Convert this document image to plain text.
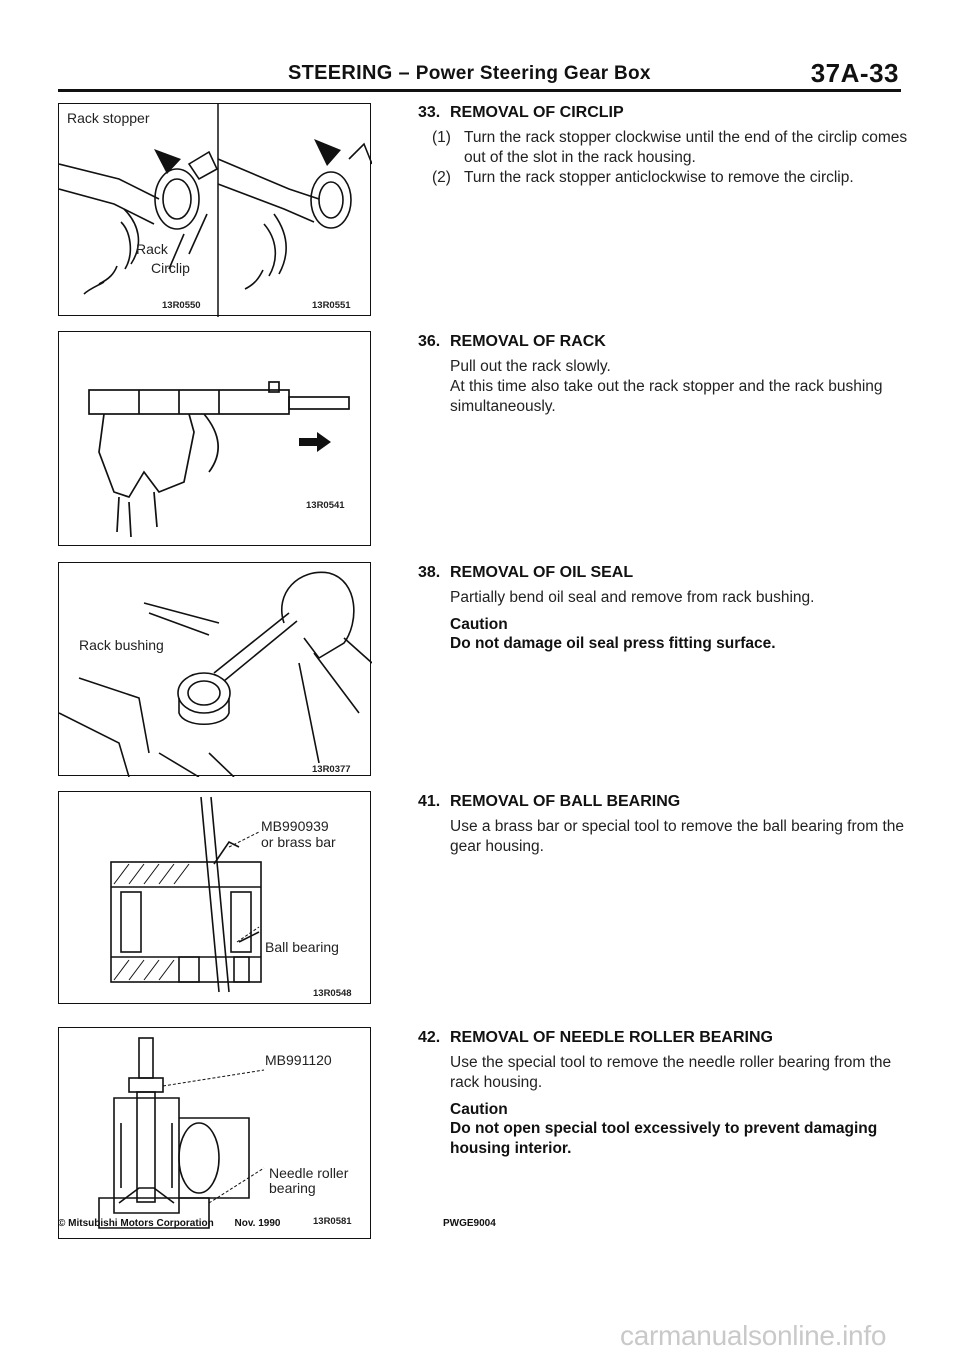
STEERING – Power Steering Gear Box	37A-33
Rack stopper
Rack
Circlip
13R0550	13R0551
13R0541
Rack bushing
13R0377
MB990939
or brass bar
Ball bearing
13R0548
MB991120
Needle roller
bearing
13R0581
33. REMOVAL OF CIRCLIP
(1) Turn the rack stopper clockwise until the end of the circlip comes out of the slot in the rack housing.
(2) Turn the rack stopper anticlockwise to remove the circlip.
36. REMOVAL OF RACK
Pull out the rack slowly.
At this time also take out the rack stopper and the rack bushing simultaneously.
38. REMOVAL OF OIL SEAL
Partially bend oil seal and remove from rack bushing.
Caution
Do not damage oil seal press fitting surface.
41. REMOVAL OF BALL BEARING
Use a brass bar or special tool to remove the ball bearing from the gear housing.
42. REMOVAL OF NEEDLE ROLLER BEARING
Use the special tool to remove the needle roller bearing from the rack housing.
Caution
Do not open special tool excessively to prevent damaging housing interior.
© Mitsubishi Motors Corporation Nov. 1990	PWGE9004
carmanualsonline.info
